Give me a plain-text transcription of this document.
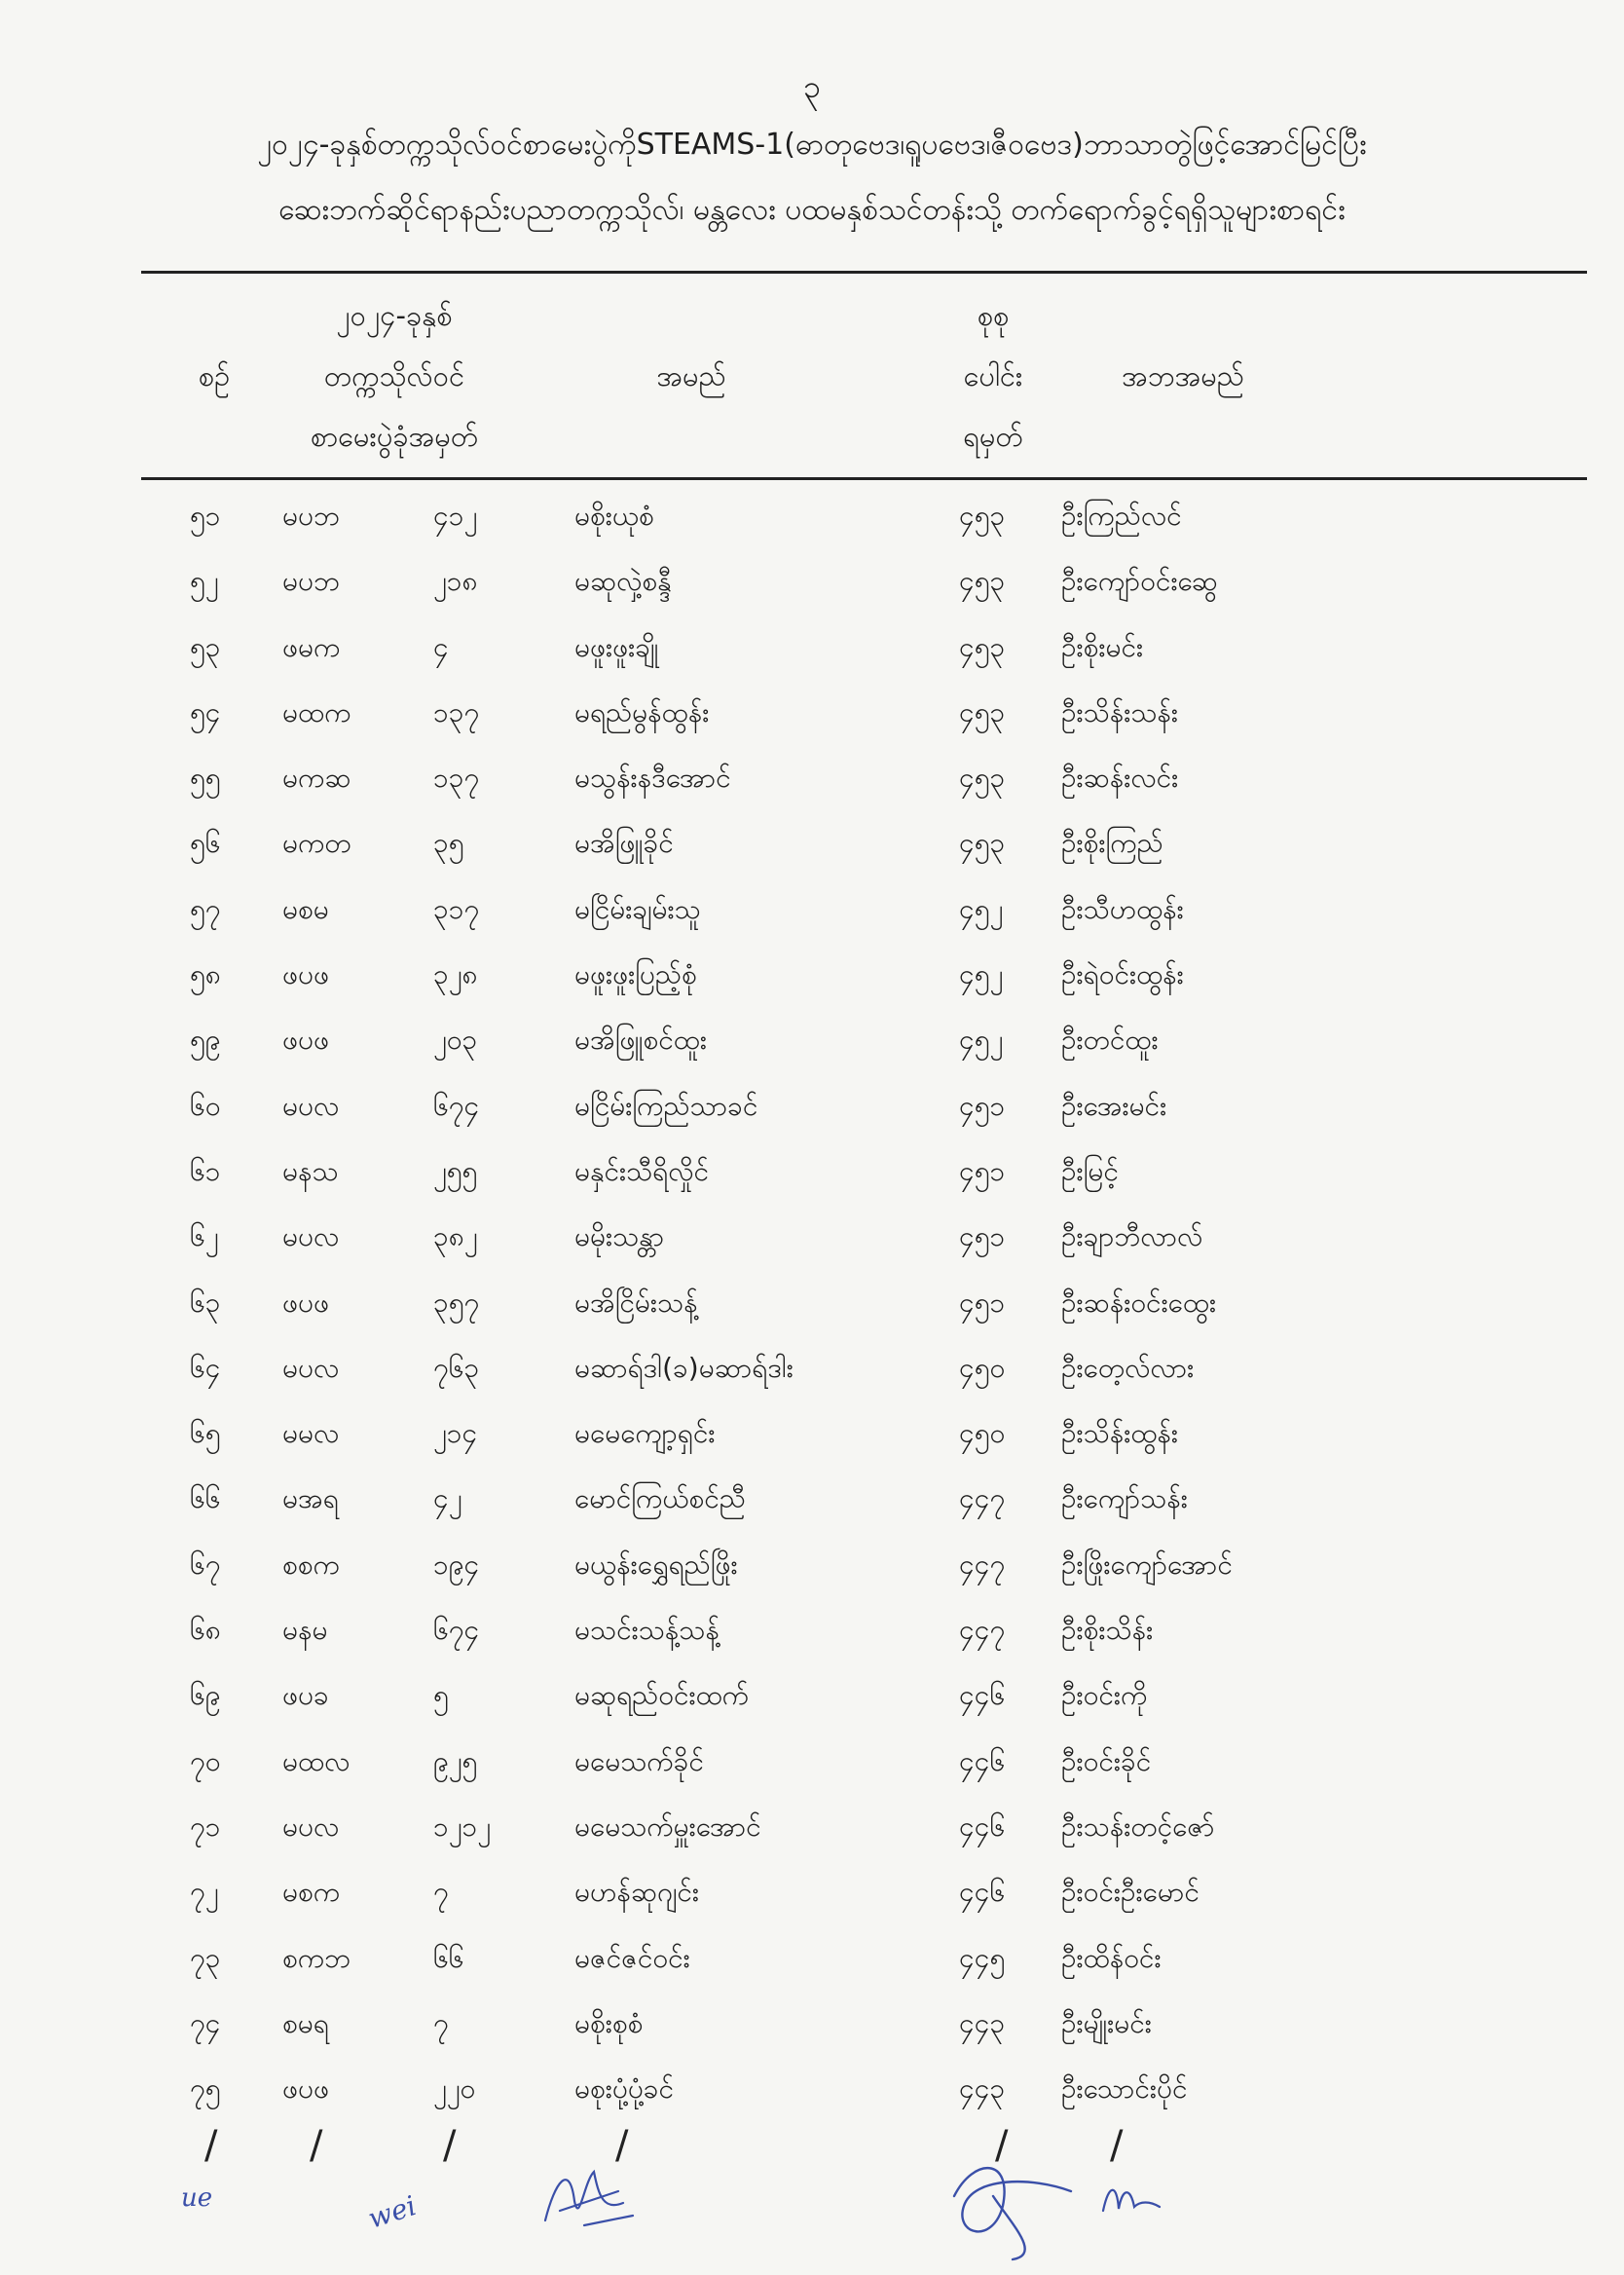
၃
၂၀၂၄-ခုနှစ်တက္ကသိုလ်ဝင်စာမေးပွဲကိုSTEAMS-1(ဓာတုဗေဒ၊ရူပဗေဒ၊ဇီဝဗေဒ)ဘာသာတွဲဖြင့်အောင်မြင်ပြီး
ဆေးဘက်ဆိုင်ရာနည်းပညာတက္ကသိုလ်၊ မန္တလေး ပထမနှစ်သင်တန်းသို့ တက်ရောက်ခွင့်ရရှိသူများစာရင်း
စဉ်
၂၀၂၄-ခုနှစ်
တက္ကသိုလ်ဝင်
စာမေးပွဲခုံအမှတ်
အမည်
စုစု
ပေါင်း
ရမှတ်
အဘအမည်
၅၁ မပဘ	၄၁၂	မစိုးယုစံ	၄၅၃ ဦးကြည်လင်
၅၂ မပဘ	၂၁၈	မဆုလှဲ့စန္ဒီ	၄၅၃ ဦးကျော်ဝင်းဆွေ
၅၃ ဖမက	၄	မဖူးဖူးချို	၄၅၃ ဦးစိုးမင်း
၅၄ မထက	၁၃၇	မရည်မွန်ထွန်း	၄၅၃ ဦးသိန်းသန်း
၅၅ မကဆ	၁၃၇	မသွန်းနဒီအောင်	၄၅၃ ဦးဆန်းလင်း
၅၆ မကတ	၃၅	မအိဖြူခိုင်	၄၅၃ ဦးစိုးကြည်
၅၇ မစမ	၃၁၇	မငြိမ်းချမ်းသူ	၄၅၂ ဦးသီဟထွန်း
၅၈ ဖပဖ	၃၂၈	မဖူးဖူးပြည့်စုံ	၄၅၂ ဦးရဲဝင်းထွန်း
၅၉ ဖပဖ	၂၀၃	မအိဖြူစင်ထူး	၄၅၂ ဦးတင်ထူး
၆၀ မပလ	၆၇၄	မငြိမ်းကြည်သာခင်	၄၅၁ ဦးအေးမင်း
၆၁ မနသ	၂၅၅	မနှင်းသီရိလှိုင်	၄၅၁ ဦးမြင့်
၆၂ မပလ	၃၈၂	မမိုးသန္တာ	၄၅၁ ဦးချာဘီလာလ်
၆၃ ဖပဖ	၃၅၇	မအိငြိမ်းသန့်	၄၅၁ ဦးဆန်းဝင်းထွေး
၆၄ မပလ	၇၆၃	မဆာရ်ဒါ(ခ)မဆာရ်ဒါး	၄၅၀ ဦးတေ့လ်လား
၆၅ မမလ	၂၁၄	မမေကျော့ရှင်း	၄၅၀ ဦးသိန်းထွန်း
၆၆ မအရ	၄၂	မောင်ကြယ်စင်ညီ	၄၄၇ ဦးကျော်သန်း
၆၇ စစက	၁၉၄	မယွန်းရွှေရည်ဖြိုး	၄၄၇ ဦးဖြိုးကျော်အောင်
၆၈ မနမ	၆၇၄	မသင်းသန့်သန့်	၄၄၇ ဦးစိုးသိန်း
၆၉ ဖပခ	၅	မဆုရည်ဝင်းထက်	၄၄၆ ဦးဝင်းကို
၇၀ မထလ	၉၂၅	မမေသက်ခိုင်	၄၄၆ ဦးဝင်းခိုင်
၇၁ မပလ	၁၂၁၂	မမေသက်မှူးအောင်	၄၄၆ ဦးသန်းတင့်ဇော်
၇၂ မစက	၇	မဟန်ဆုဂျင်း	၄၄၆ ဦးဝင်းဦးမောင်
၇၃ စကဘ	၆၆	မဇင်ဇင်ဝင်း	၄၄၅ ဦးထိန်ဝင်း
၇၄ စမရ	၇	မစိုးစုစံ	၄၄၃ ဦးမျိုးမင်း
၇၅ ဖပဖ	၂၂၀	မစုးပုံ့ပုံ့ခင်	၄၄၃ ဦးသောင်းပိုင်
/ /	/	/	/	/
ue	wei
